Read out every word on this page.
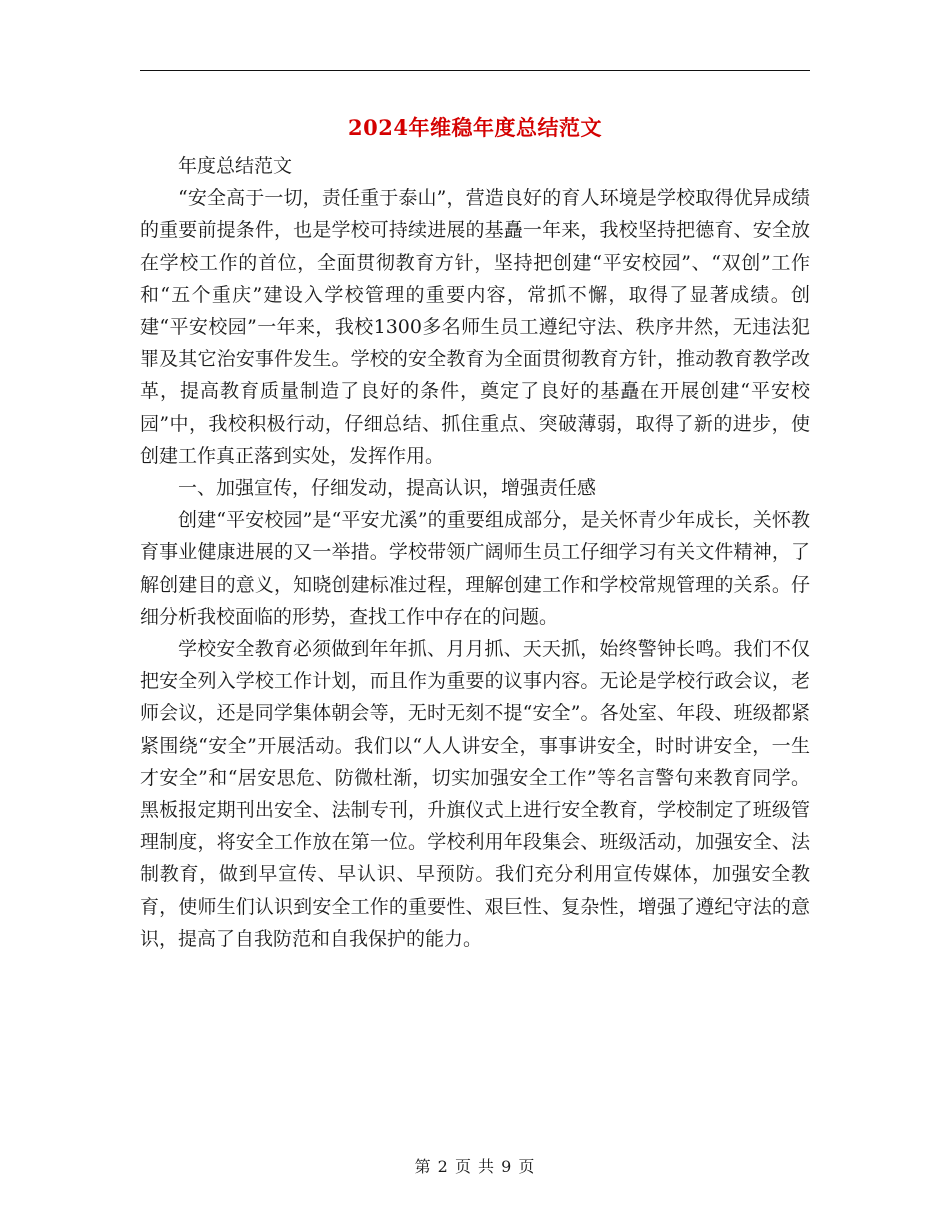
2024年维稳年度总结范文

年度总结范文

“安全高于一切，责任重于泰山”，营造良好的育人环境是学校取得优异成绩的重要前提条件，也是学校可持续进展的基矗一年来，我校坚持把德育、安全放在学校工作的首位，全面贯彻教育方针，坚持把创建“平安校园”、“双创”工作和“五个重庆”建设入学校管理的重要内容，常抓不懈，取得了显著成绩。创建“平安校园”一年来，我校1300多名师生员工遵纪守法、秩序井然，无违法犯罪及其它治安事件发生。学校的安全教育为全面贯彻教育方针，推动教育教学改革，提高教育质量制造了良好的条件，奠定了良好的基矗在开展创建“平安校园”中，我校积极行动，仔细总结、抓住重点、突破薄弱，取得了新的进步，使创建工作真正落到实处，发挥作用。

一、加强宣传，仔细发动，提高认识，增强责任感

创建“平安校园”是“平安尤溪”的重要组成部分，是关怀青少年成长，关怀教育事业健康进展的又一举措。学校带领广阔师生员工仔细学习有关文件精神，了解创建目的意义，知晓创建标准过程，理解创建工作和学校常规管理的关系。仔细分析我校面临的形势，查找工作中存在的问题。

学校安全教育必须做到年年抓、月月抓、天天抓，始终警钟长鸣。我们不仅把安全列入学校工作计划，而且作为重要的议事内容。无论是学校行政会议，老师会议，还是同学集体朝会等，无时无刻不提“安全”。各处室、年段、班级都紧紧围绕“安全”开展活动。我们以“人人讲安全，事事讲安全，时时讲安全，一生才安全”和“居安思危、防微杜渐，切实加强安全工作”等名言警句来教育同学。黑板报定期刊出安全、法制专刊，升旗仪式上进行安全教育，学校制定了班级管理制度，将安全工作放在第一位。学校利用年段集会、班级活动，加强安全、法制教育，做到早宣传、早认识、早预防。我们充分利用宣传媒体，加强安全教育，使师生们认识到安全工作的重要性、艰巨性、复杂性，增强了遵纪守法的意识，提高了自我防范和自我保护的能力。

第 2 页 共 9 页
